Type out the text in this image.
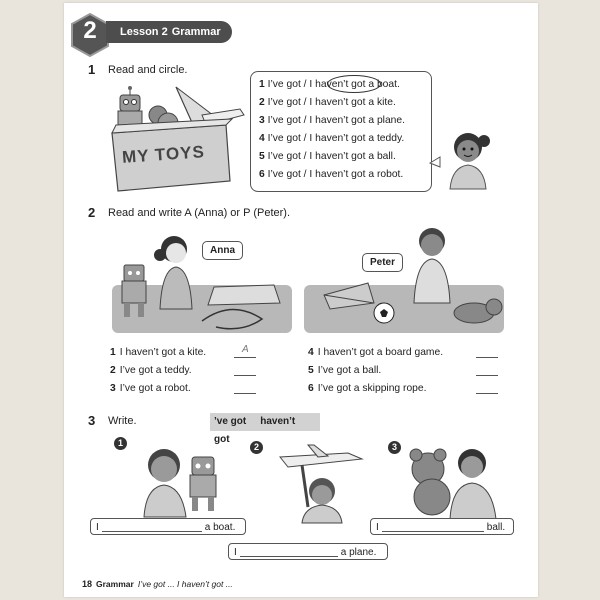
2	Lesson 2 Grammar
1 Read and circle.
MY TOYS
1 I’ve got / I haven’t got a boat.
2 I’ve got / I haven’t got a kite.
3 I’ve got / I haven’t got a plane.
4 I’ve got / I haven’t got a teddy.
5 I’ve got / I haven’t got a ball.
6 I’ve got / I haven’t got a robot.
2 Read and write A (Anna) or P (Peter).
Anna
Peter
1 I haven’t got a kite.	A
2 I’ve got a teddy.
3 I’ve got a robot.
4 I haven’t got a board game.
5 I’ve got a ball.
6 I’ve got a skipping rope.
3 Write.	’ve got haven’t got
1	2	3
I	a boat.	I	ball.
I	a plane.
18 Grammar I’ve got ... I haven’t got ...
